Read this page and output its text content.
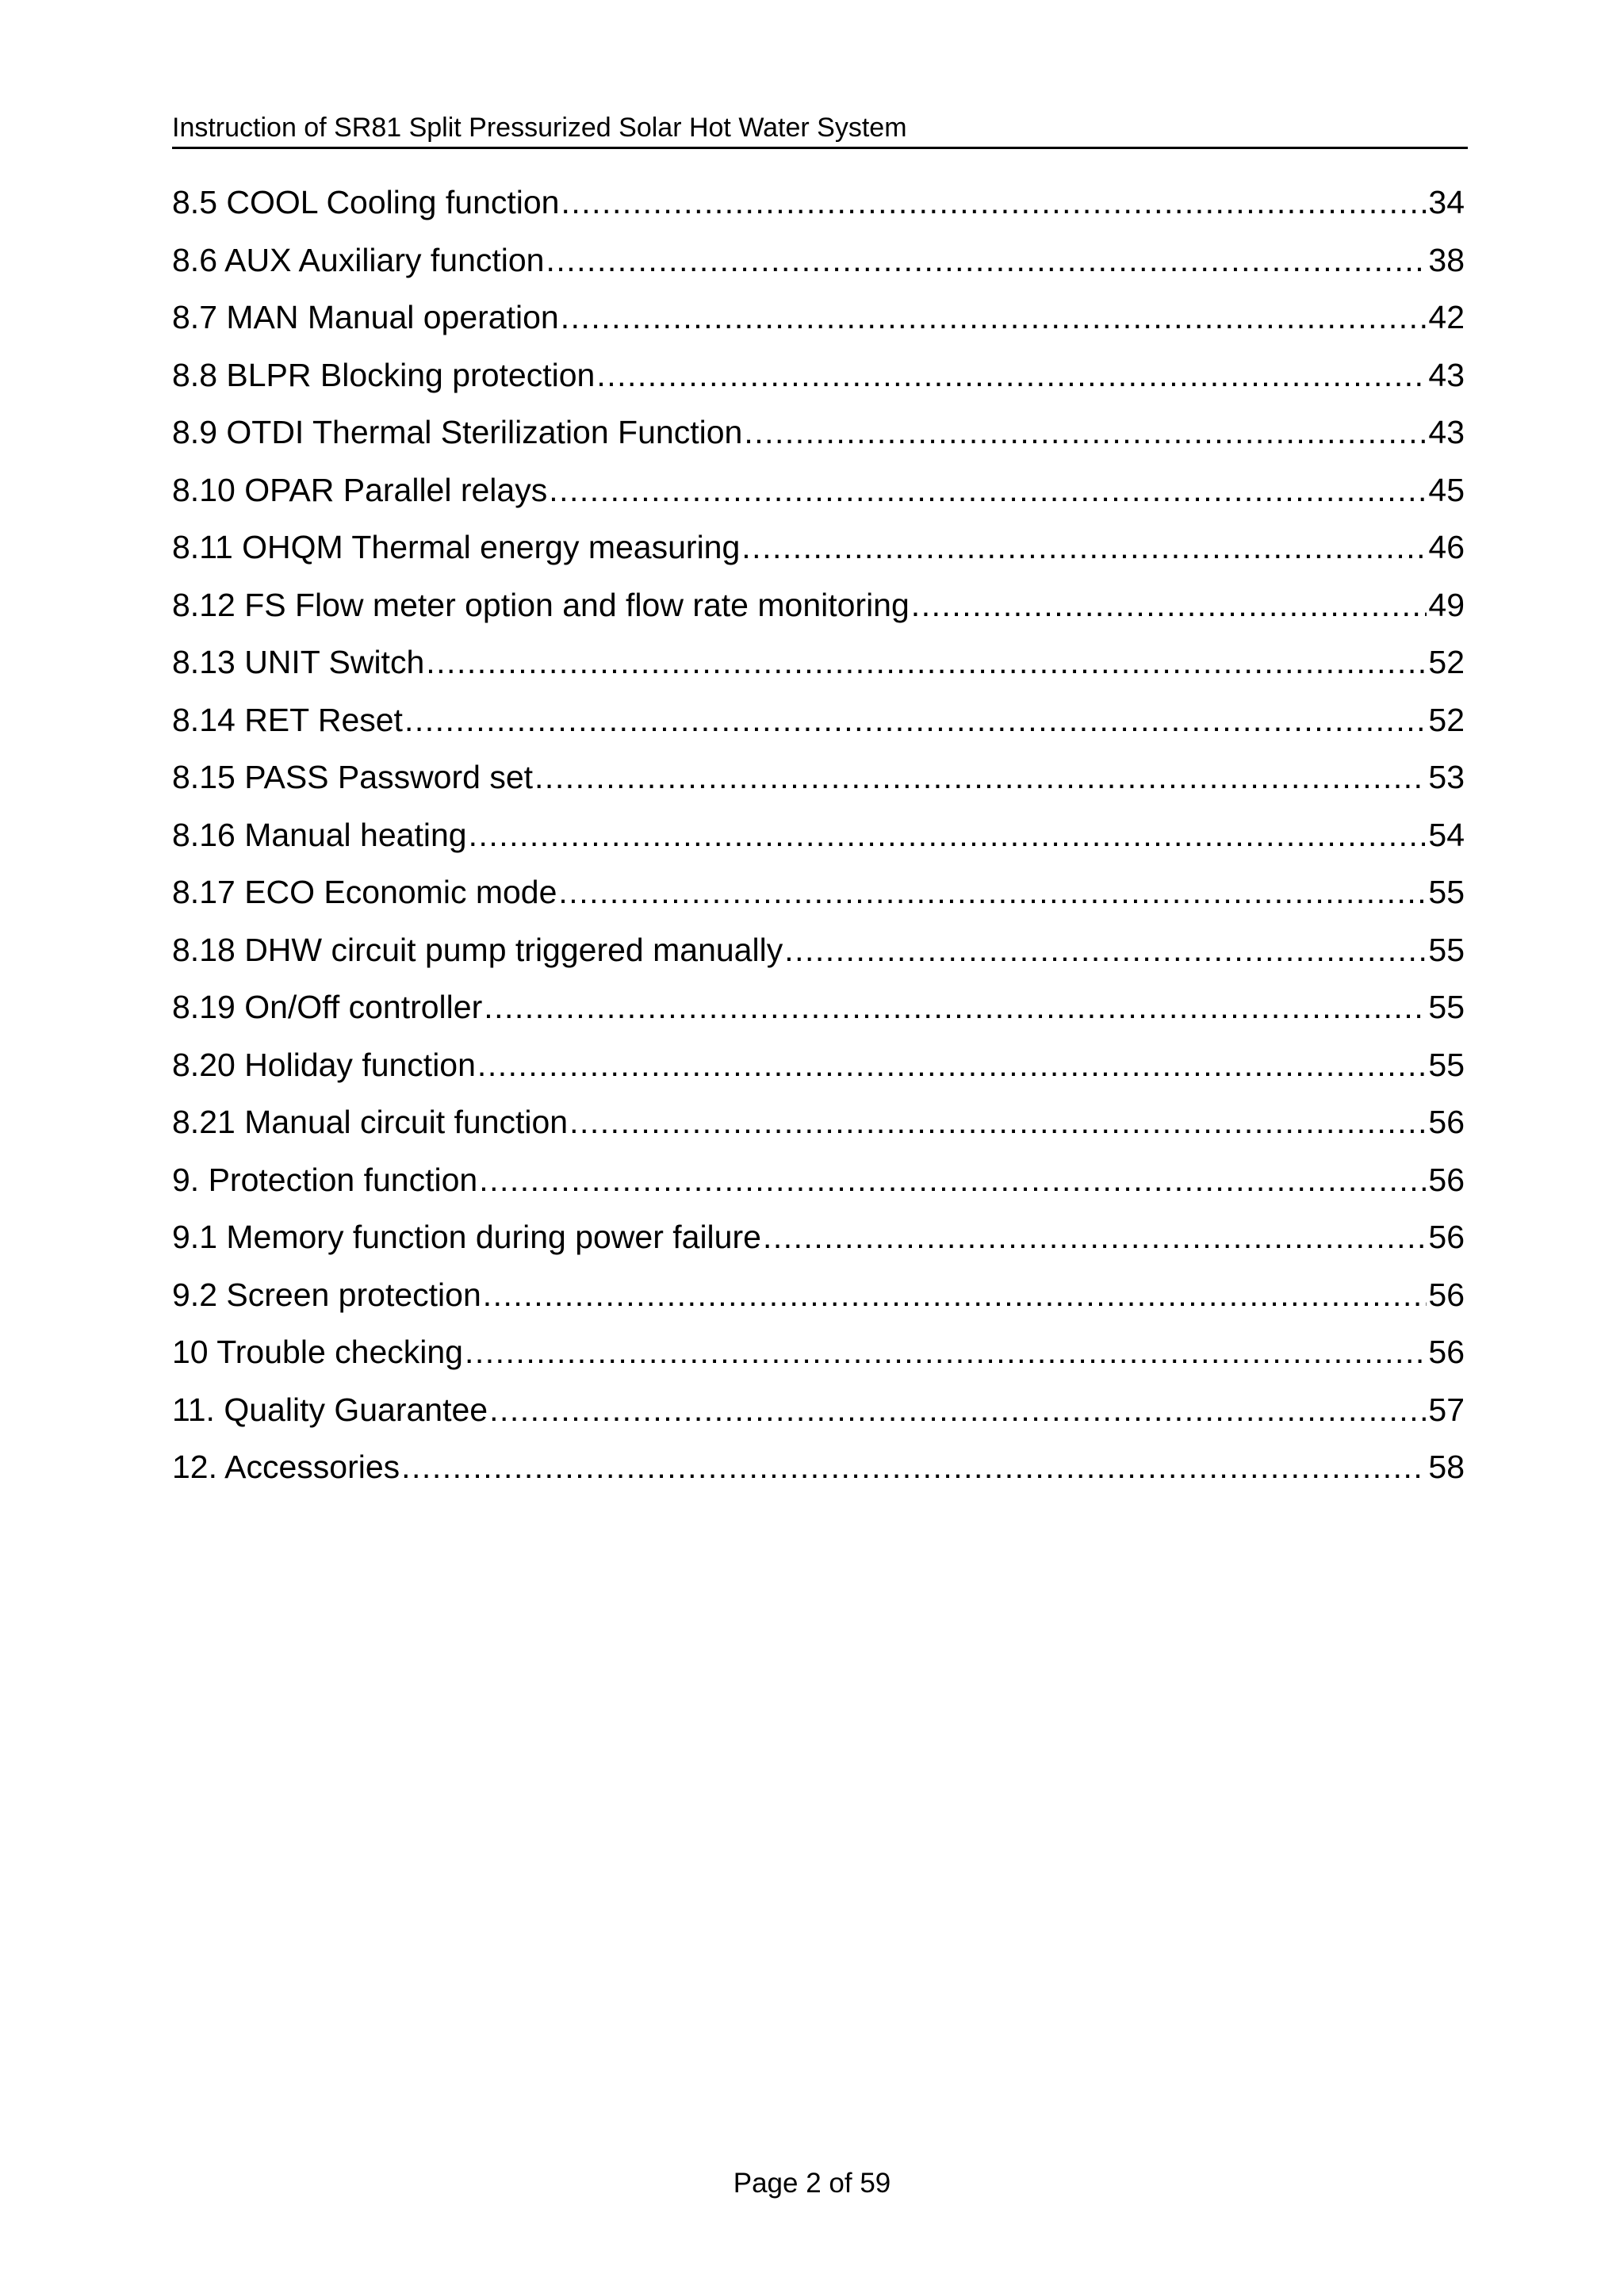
Instruction of SR81 Split Pressurized Solar Hot Water System
8.5 COOL Cooling function .....	34
8.6 AUX Auxiliary function .....	38
8.7 MAN Manual operation .....	42
8.8 BLPR Blocking protection .....	43
8.9 OTDI Thermal Sterilization Function .....	43
8.10 OPAR Parallel relays .....	45
8.11 OHQM Thermal energy measuring .....	46
8.12 FS Flow meter option and flow rate monitoring .....	49
8.13 UNIT Switch .....	52
8.14 RET Reset .....	52
8.15 PASS Password set .....	53
8.16 Manual heating .....	54
8.17 ECO Economic mode .....	55
8.18 DHW circuit pump triggered manually .....	55
8.19 On/Off controller .....	55
8.20 Holiday function .....	55
8.21 Manual circuit function .....	56
9. Protection function .....	56
9.1 Memory function during power failure .....	56
9.2 Screen protection .....	56
10 Trouble checking .....	56
11. Quality Guarantee .....	57
12. Accessories .....	58
Page 2 of 59
